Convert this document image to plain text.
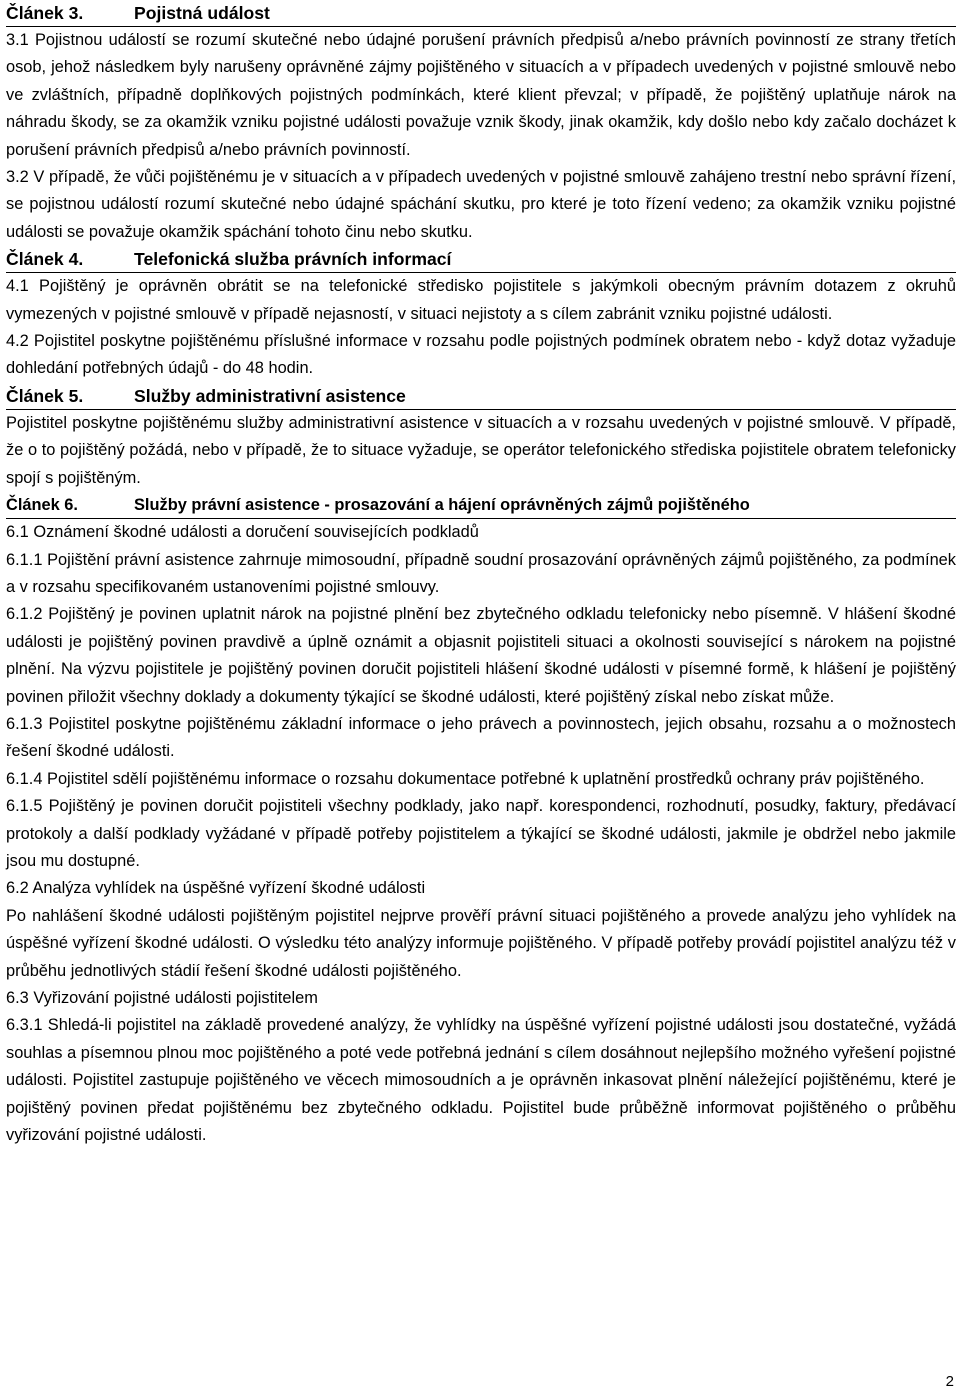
Článek 3.	Pojistná událost

3.1 Pojistnou událostí se rozumí skutečné nebo údajné porušení právních předpisů a/nebo právních povinností ze strany třetích osob, jehož následkem byly narušeny oprávněné zájmy pojištěného v situacích a v případech uvedených v pojistné smlouvě nebo ve zvláštních, případně doplňkových pojistných podmínkách, které klient převzal; v případě, že pojištěný uplatňuje nárok na náhradu škody, se za okamžik vzniku pojistné události považuje vznik škody, jinak okamžik, kdy došlo nebo kdy začalo docházet k porušení právních předpisů a/nebo právních povinností.

3.2 V případě, že vůči pojištěnému je v situacích a v případech uvedených v pojistné smlouvě zahájeno trestní nebo správní řízení, se pojistnou událostí rozumí skutečné nebo údajné spáchání skutku, pro které je toto řízení vedeno; za okamžik vzniku pojistné události se považuje okamžik spáchání tohoto činu nebo skutku.

Článek 4.	Telefonická služba právních informací

4.1 Pojištěný je oprávněn obrátit se na telefonické středisko pojistitele s jakýmkoli obecným právním dotazem z okruhů vymezených v pojistné smlouvě v případě nejasností, v situaci nejistoty a s cílem zabránit vzniku pojistné události.

4.2 Pojistitel poskytne pojištěnému příslušné informace v rozsahu podle pojistných podmínek obratem nebo - když dotaz vyžaduje dohledání potřebných údajů - do 48 hodin.

Článek 5.	Služby administrativní asistence

Pojistitel poskytne pojištěnému služby administrativní asistence v situacích a v rozsahu uvedených v pojistné smlouvě. V případě, že o to pojištěný požádá, nebo v případě, že to situace vyžaduje, se operátor telefonického střediska pojistitele obratem telefonicky spojí s pojištěným.

Článek 6.	Služby právní asistence - prosazování a hájení oprávněných zájmů pojištěného

6.1 Oznámení škodné události a doručení souvisejících podkladů

6.1.1 Pojištění právní asistence zahrnuje mimosoudní, případně soudní prosazování oprávněných zájmů pojištěného, za podmínek a v rozsahu specifikovaném ustanoveními pojistné smlouvy.

6.1.2 Pojištěný je povinen uplatnit nárok na pojistné plnění bez zbytečného odkladu telefonicky nebo písemně. V hlášení škodné události je pojištěný povinen pravdivě a úplně oznámit a objasnit pojistiteli situaci a okolnosti související s nárokem na pojistné plnění. Na výzvu pojistitele je pojištěný povinen doručit pojistiteli hlášení škodné události v písemné formě, k hlášení je pojištěný povinen přiložit všechny doklady a dokumenty týkající se škodné události, které pojištěný získal nebo získat může.

6.1.3 Pojistitel poskytne pojištěnému základní informace o jeho právech a povinnostech, jejich obsahu, rozsahu a o možnostech řešení škodné události.

6.1.4 Pojistitel sdělí pojištěnému informace o rozsahu dokumentace potřebné k uplatnění prostředků ochrany práv pojištěného.

6.1.5 Pojištěný je povinen doručit pojistiteli všechny podklady, jako např. korespondenci, rozhodnutí, posudky, faktury, předávací protokoly a další podklady vyžádané v případě potřeby pojistitelem a týkající se škodné události, jakmile je obdržel nebo jakmile jsou mu dostupné.

6.2 Analýza vyhlídek na úspěšné vyřízení škodné události

Po nahlášení škodné události pojištěným pojistitel nejprve prověří právní situaci pojištěného a provede analýzu jeho vyhlídek na úspěšné vyřízení škodné události. O výsledku této analýzy informuje pojištěného. V případě potřeby provádí pojistitel analýzu též v průběhu jednotlivých stádií řešení škodné události pojištěného.

6.3 Vyřizování pojistné události pojistitelem

6.3.1 Shledá-li pojistitel na základě provedené analýzy, že vyhlídky na úspěšné vyřízení pojistné události jsou dostatečné, vyžádá souhlas a písemnou plnou moc pojištěného a poté vede potřebná jednání s cílem dosáhnout nejlepšího možného vyřešení pojistné události. Pojistitel zastupuje pojištěného ve věcech mimosoudních a je oprávněn inkasovat plnění náležející pojištěnému, které je pojištěný povinen předat pojištěnému bez zbytečného odkladu. Pojistitel bude průběžně informovat pojištěného o průběhu vyřizování pojistné události.

2
